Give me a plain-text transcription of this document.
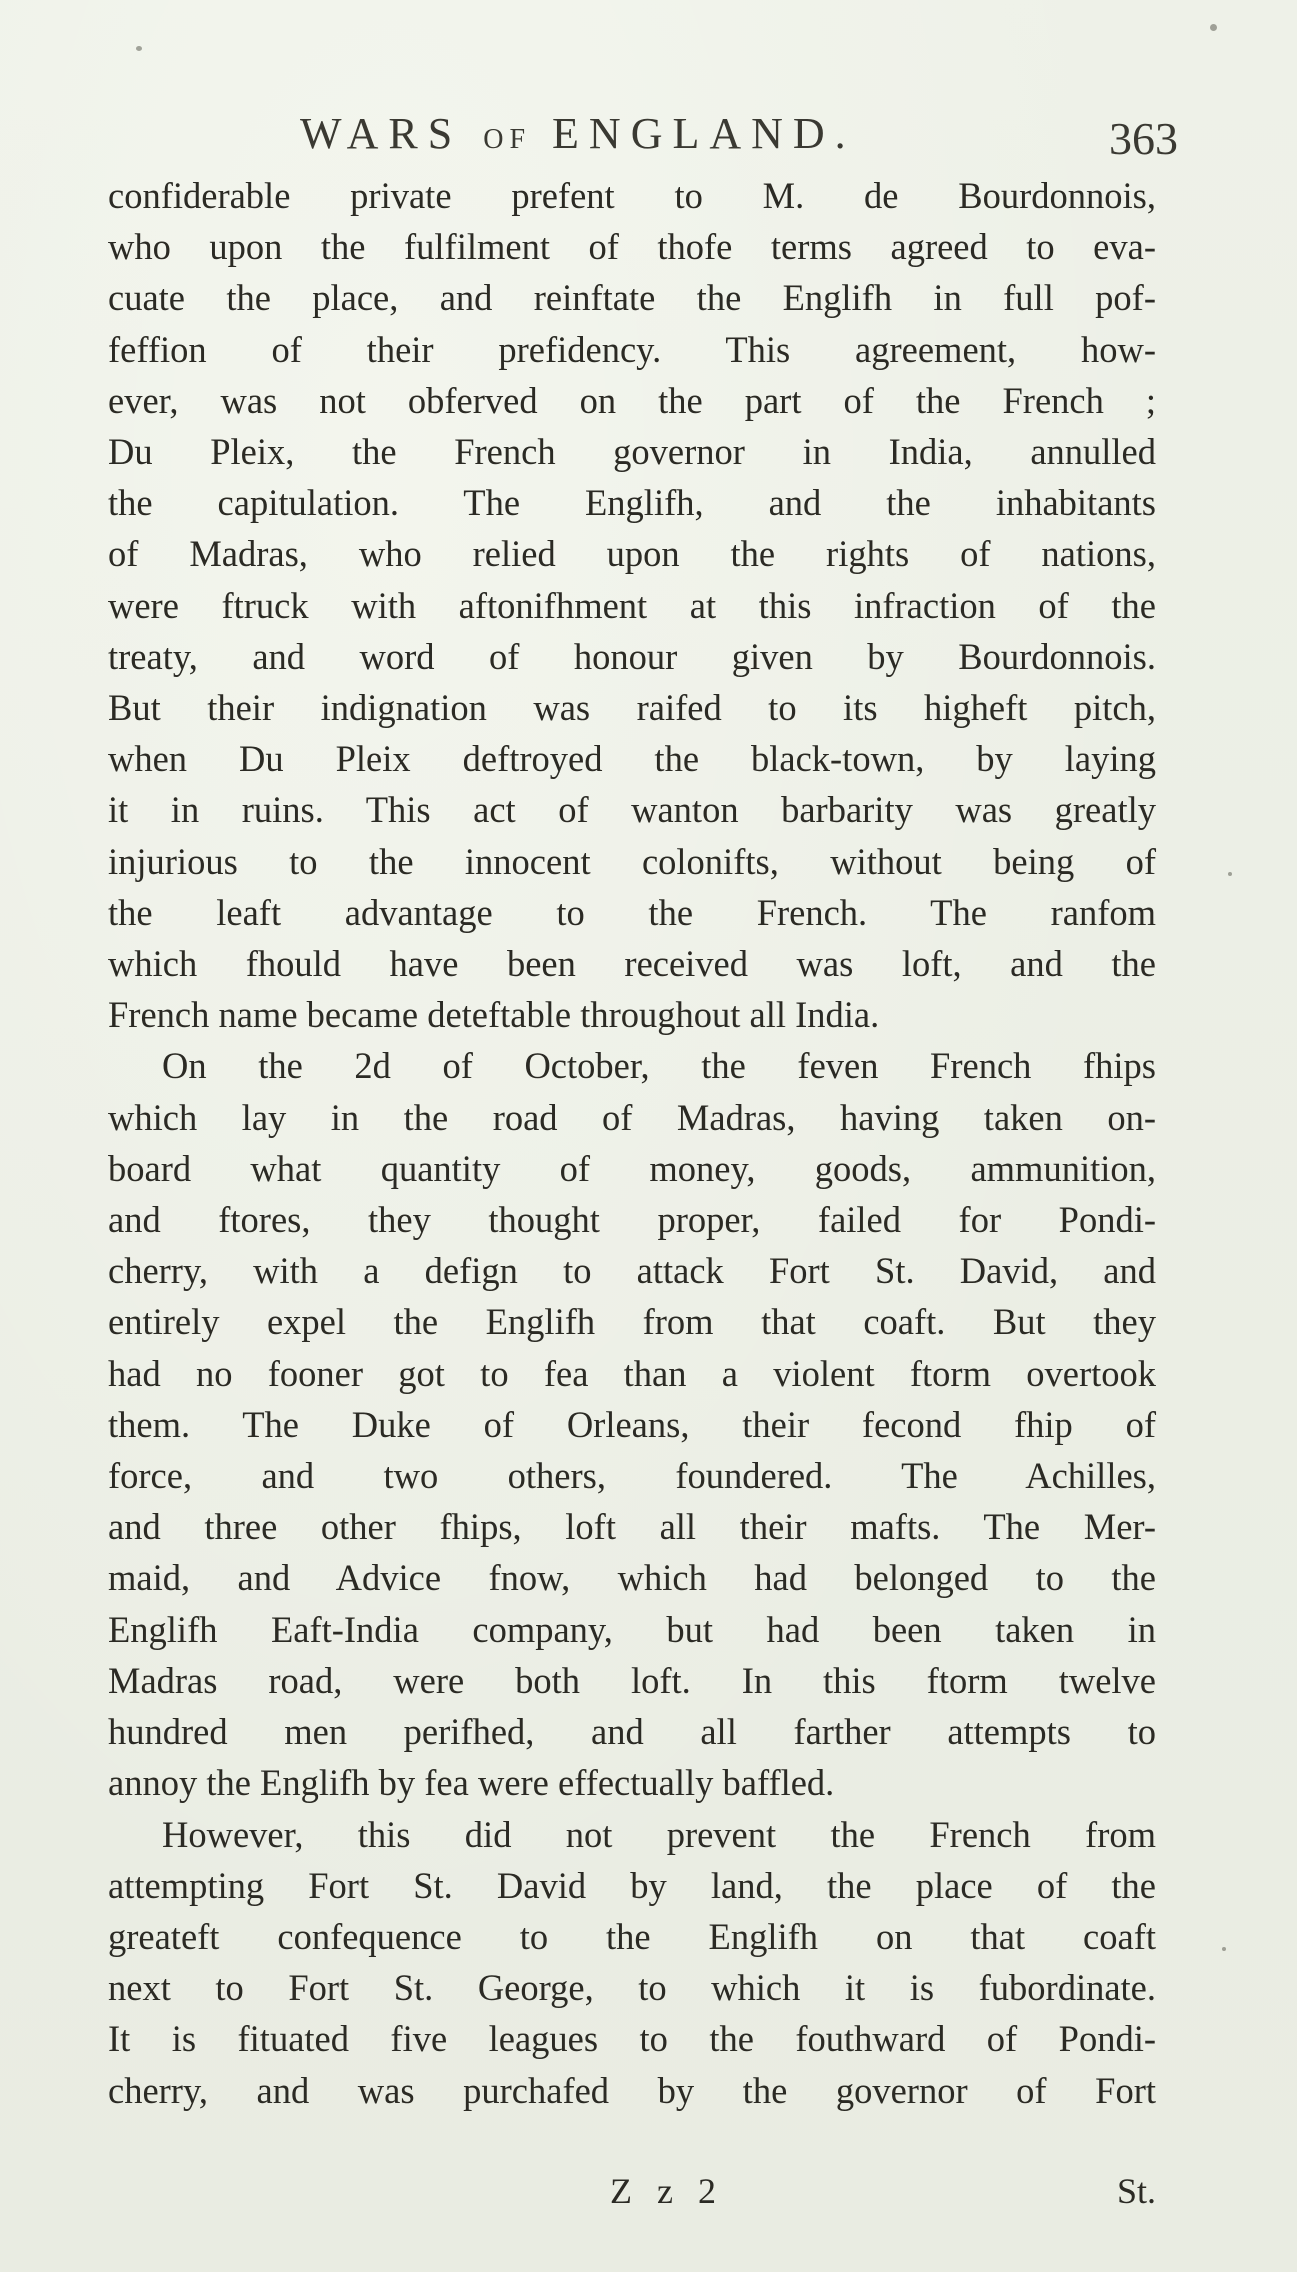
WARS OF ENGLAND.	363
confiderable private prefent to M. de Bourdonnois,
who upon the fulfilment of thofe terms agreed to eva-
cuate the place, and reinftate the Englifh in full pof-
feffion of their prefidency. This agreement, how-
ever, was not obferved on the part of the French ;
Du Pleix, the French governor in India, annulled
the capitulation. The Englifh, and the inhabitants
of Madras, who relied upon the rights of nations,
were ftruck with aftonifhment at this infraction of the
treaty, and word of honour given by Bourdonnois.
But their indignation was raifed to its higheft pitch,
when Du Pleix deftroyed the black-town, by laying
it in ruins. This act of wanton barbarity was greatly
injurious to the innocent colonifts, without being of
the leaft advantage to the French. The ranfom
which fhould have been received was loft, and the
French name became deteftable throughout all India.
On the 2d of October, the feven French fhips
which lay in the road of Madras, having taken on-
board what quantity of money, goods, ammunition,
and ftores, they thought proper, failed for Pondi-
cherry, with a defign to attack Fort St. David, and
entirely expel the Englifh from that coaft. But they
had no fooner got to fea than a violent ftorm overtook
them. The Duke of Orleans, their fecond fhip of
force, and two others, foundered. The Achilles,
and three other fhips, loft all their mafts. The Mer-
maid, and Advice fnow, which had belonged to the
Englifh Eaft-India company, but had been taken in
Madras road, were both loft. In this ftorm twelve
hundred men perifhed, and all farther attempts to
annoy the Englifh by fea were effectually baffled.
However, this did not prevent the French from
attempting Fort St. David by land, the place of the
greateft confequence to the Englifh on that coaft
next to Fort St. George, to which it is fubordinate.
It is fituated five leagues to the fouthward of Pondi-
cherry, and was purchafed by the governor of Fort
Z z 2	St.
